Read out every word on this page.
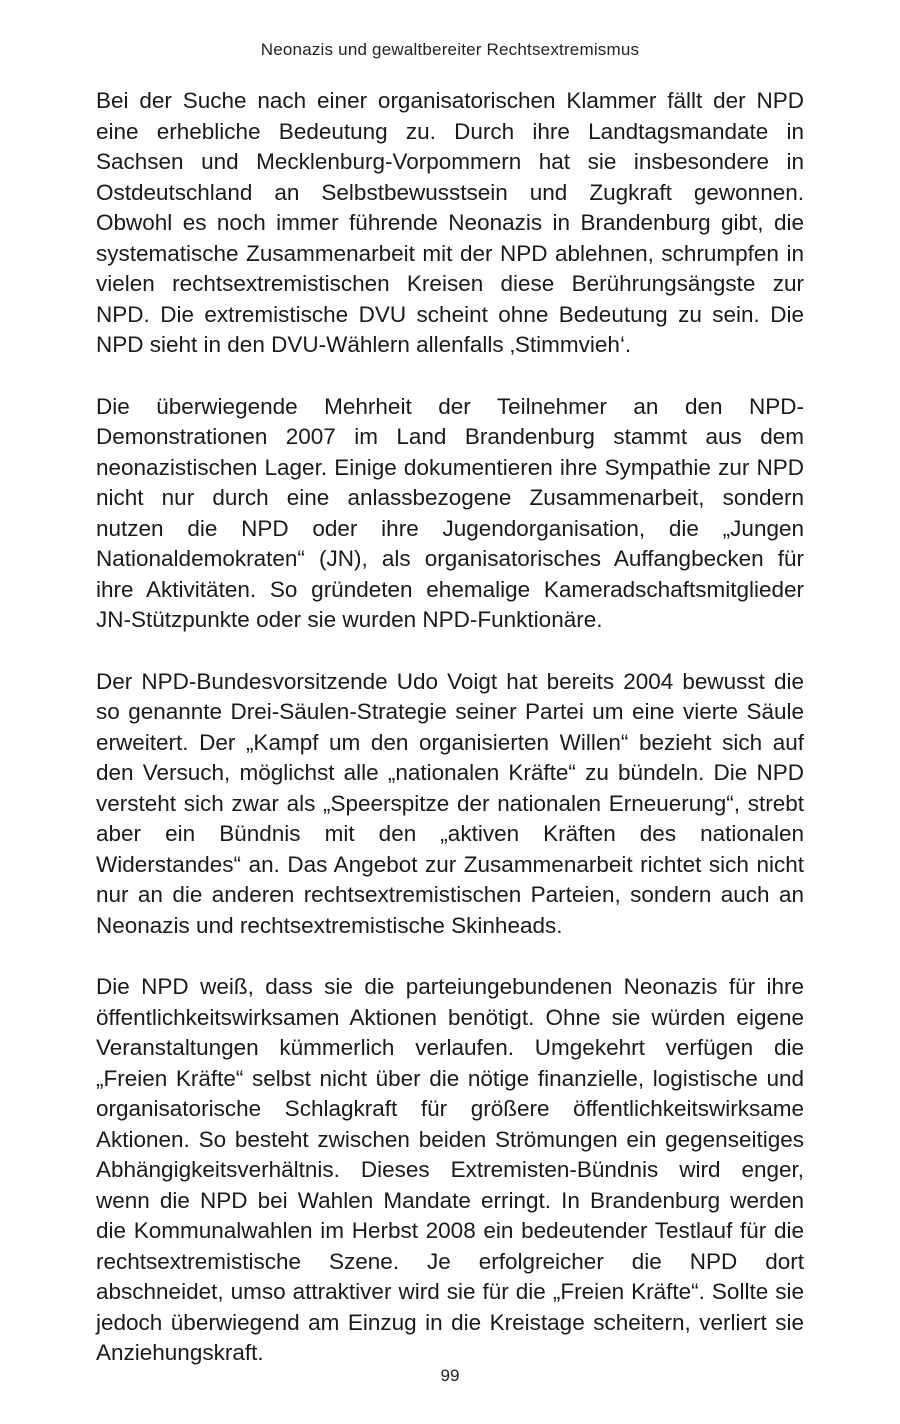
Neonazis und gewaltbereiter Rechtsextremismus

Bei der Suche nach einer organisatorischen Klammer fällt der NPD eine erhebliche Bedeutung zu. Durch ihre Landtagsmandate in Sachsen und Mecklenburg-Vorpommern hat sie insbesondere in Ostdeutschland an Selbstbewusstsein und Zugkraft gewonnen. Obwohl es noch immer führende Neonazis in Brandenburg gibt, die systematische Zusammenarbeit mit der NPD ablehnen, schrumpfen in vielen rechtsextremistischen Kreisen diese Berührungsängste zur NPD. Die extremistische DVU scheint ohne Bedeutung zu sein. Die NPD sieht in den DVU-Wählern allenfalls ‚Stimmvieh‘.

Die überwiegende Mehrheit der Teilnehmer an den NPD-Demonstrationen 2007 im Land Brandenburg stammt aus dem neonazistischen Lager. Einige dokumentieren ihre Sympathie zur NPD nicht nur durch eine anlassbezogene Zusammenarbeit, sondern nutzen die NPD oder ihre Jugendorganisation, die „Jungen Nationaldemokraten“ (JN), als organisatorisches Auffangbecken für ihre Aktivitäten. So gründeten ehemalige Kameradschaftsmitglieder JN-Stützpunkte oder sie wurden NPD-Funktionäre.

Der NPD-Bundesvorsitzende Udo Voigt hat bereits 2004 bewusst die so genannte Drei-Säulen-Strategie seiner Partei um eine vierte Säule erweitert. Der „Kampf um den organisierten Willen“ bezieht sich auf den Versuch, möglichst alle „nationalen Kräfte“ zu bündeln. Die NPD versteht sich zwar als „Speerspitze der nationalen Erneuerung“, strebt aber ein Bündnis mit den „aktiven Kräften des nationalen Widerstandes“ an. Das Angebot zur Zusammenarbeit richtet sich nicht nur an die anderen rechtsextremistischen Parteien, sondern auch an Neonazis und rechtsextremistische Skinheads.

Die NPD weiß, dass sie die parteiungebundenen Neonazis für ihre öffentlichkeitswirksamen Aktionen benötigt. Ohne sie würden eigene Veranstaltungen kümmerlich verlaufen. Umgekehrt verfügen die „Freien Kräfte“ selbst nicht über die nötige finanzielle, logistische und organisatorische Schlagkraft für größere öffentlichkeitswirksame Aktionen. So besteht zwischen beiden Strömungen ein gegenseitiges Abhängigkeitsverhältnis. Dieses Extremisten-Bündnis wird enger, wenn die NPD bei Wahlen Mandate erringt. In Brandenburg werden die Kommunalwahlen im Herbst 2008 ein bedeutender Testlauf für die rechtsextremistische Szene. Je erfolgreicher die NPD dort abschneidet, umso attraktiver wird sie für die „Freien Kräfte“. Sollte sie jedoch überwiegend am Einzug in die Kreistage scheitern, verliert sie Anziehungskraft.

99
